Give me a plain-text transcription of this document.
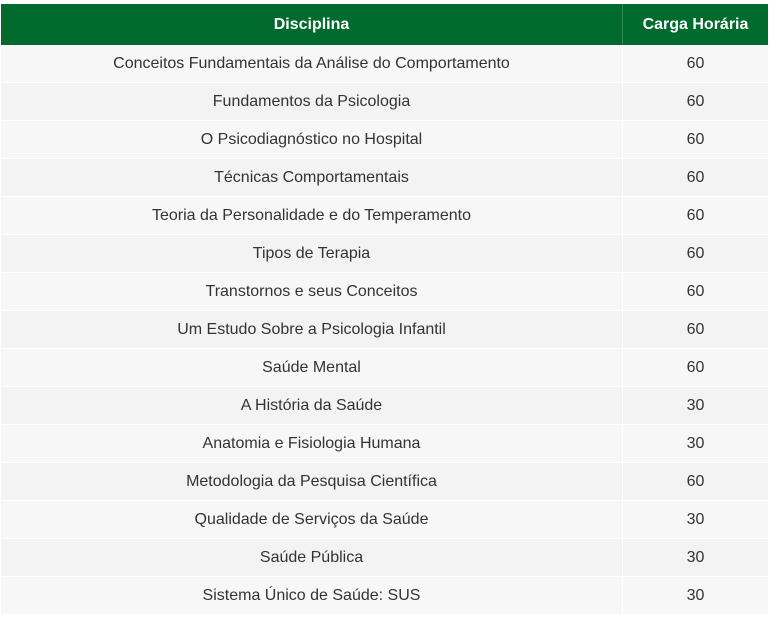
Disciplina	Carga Horária
Conceitos Fundamentais da Análise do Comportamento	60
Fundamentos da Psicologia	60
O Psicodiagnóstico no Hospital	60
Técnicas Comportamentais	60
Teoria da Personalidade e do Temperamento	60
Tipos de Terapia	60
Transtornos e seus Conceitos	60
Um Estudo Sobre a Psicologia Infantil	60
Saúde Mental	60
A História da Saúde	30
Anatomia e Fisiologia Humana	30
Metodologia da Pesquisa Científica	60
Qualidade de Serviços da Saúde	30
Saúde Pública	30
Sistema Único de Saúde: SUS	30
